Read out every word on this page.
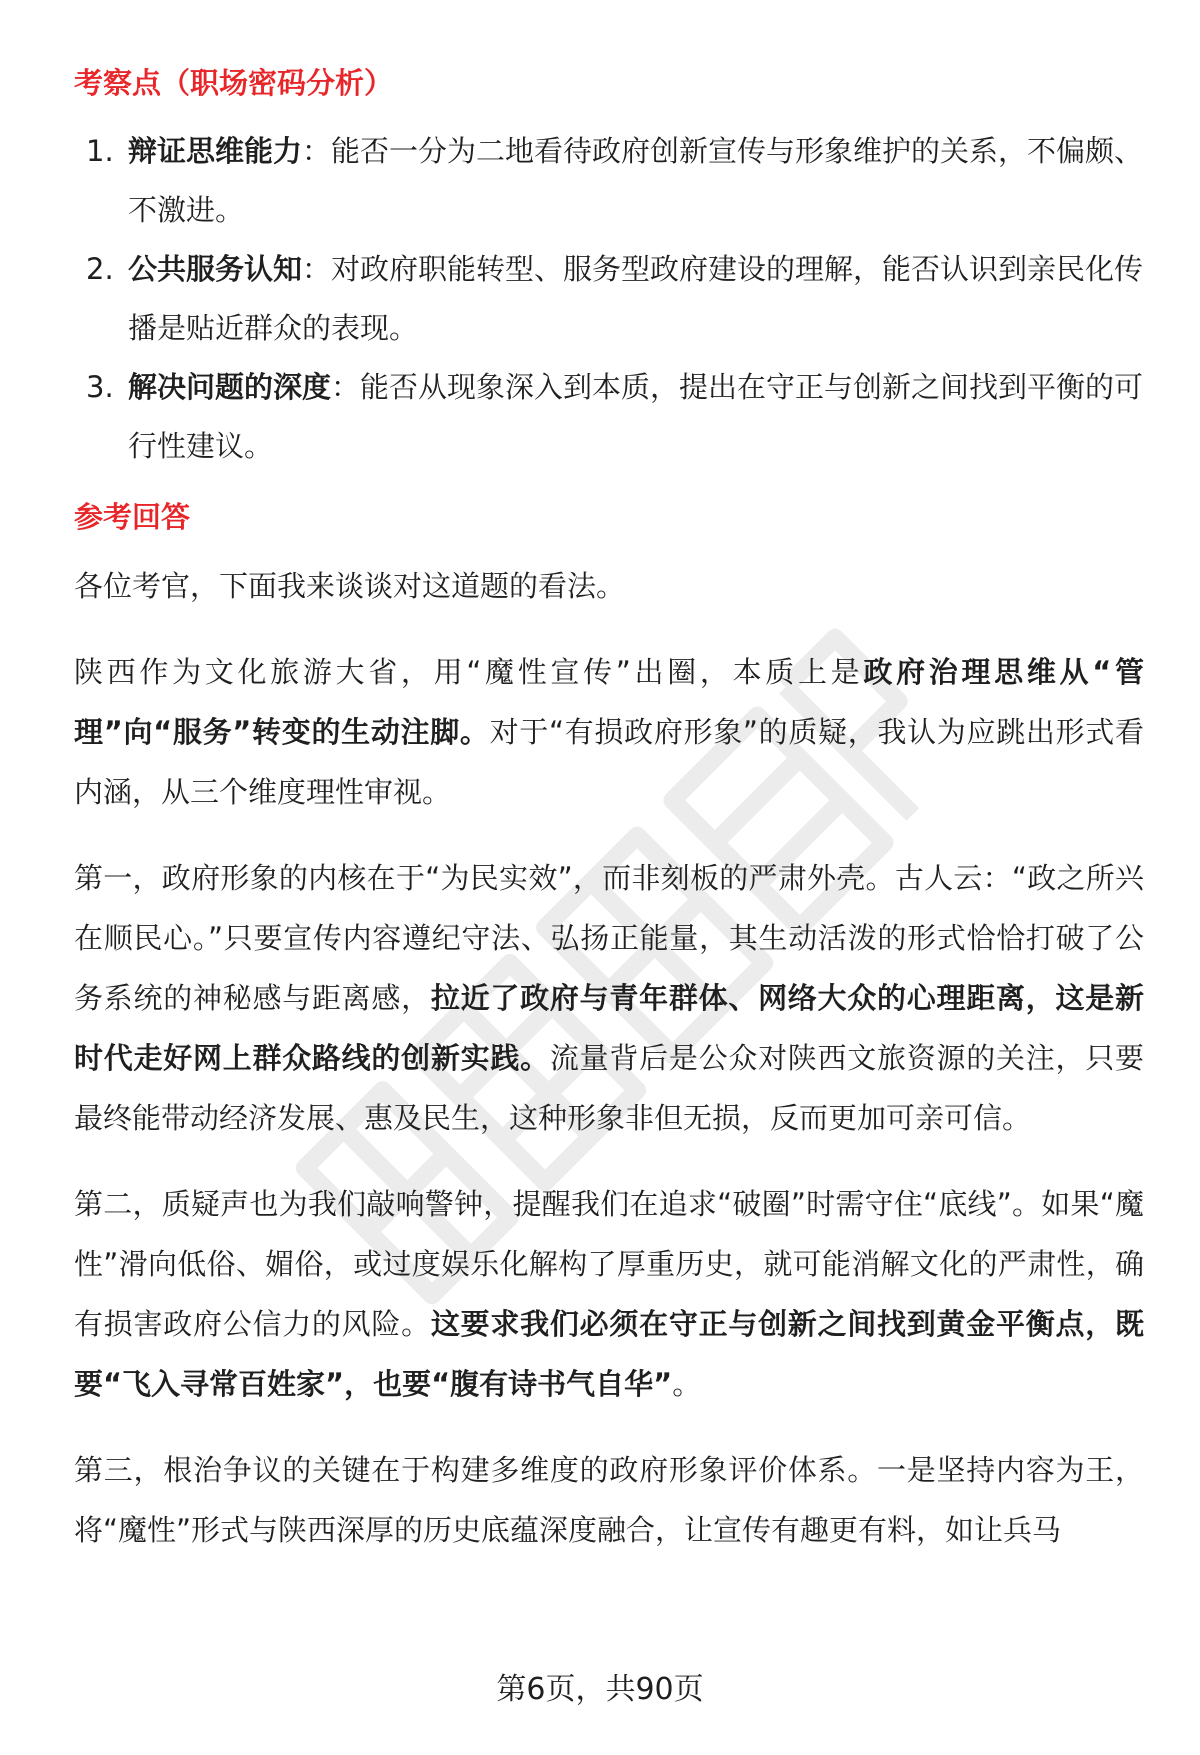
考察点（职场密码分析）
1. 辩证思维能力：能否一分为二地看待政府创新宣传与形象维护的关系，不偏颇、不激进。
2. 公共服务认知：对政府职能转型、服务型政府建设的理解，能否认识到亲民化传播是贴近群众的表现。
3. 解决问题的深度：能否从现象深入到本质，提出在守正与创新之间找到平衡的可行性建议。
参考回答

各位考官，下面我来谈谈对这道题的看法。

陕西作为文化旅游大省，用“魔性宣传”出圈，本质上是政府治理思维从“管理”向“服务”转变的生动注脚。对于“有损政府形象”的质疑，我认为应跳出形式看内涵，从三个维度理性审视。

第一，政府形象的内核在于“为民实效”，而非刻板的严肃外壳。古人云：“政之所兴在顺民心。”只要宣传内容遵纪守法、弘扬正能量，其生动活泼的形式恰恰打破了公务系统的神秘感与距离感，拉近了政府与青年群体、网络大众的心理距离，这是新时代走好网上群众路线的创新实践。流量背后是公众对陕西文旅资源的关注，只要最终能带动经济发展、惠及民生，这种形象非但无损，反而更加可亲可信。

第二，质疑声也为我们敲响警钟，提醒我们在追求“破圈”时需守住“底线”。如果“魔性”滑向低俗、媚俗，或过度娱乐化解构了厚重历史，就可能消解文化的严肃性，确有损害政府公信力的风险。这要求我们必须在守正与创新之间找到黄金平衡点，既要“飞入寻常百姓家”，也要“腹有诗书气自华”。

第三，根治争议的关键在于构建多维度的政府形象评价体系。一是坚持内容为王，将“魔性”形式与陕西深厚的历史底蕴深度融合，让宣传有趣更有料，如让兵马

第6页，共90页
